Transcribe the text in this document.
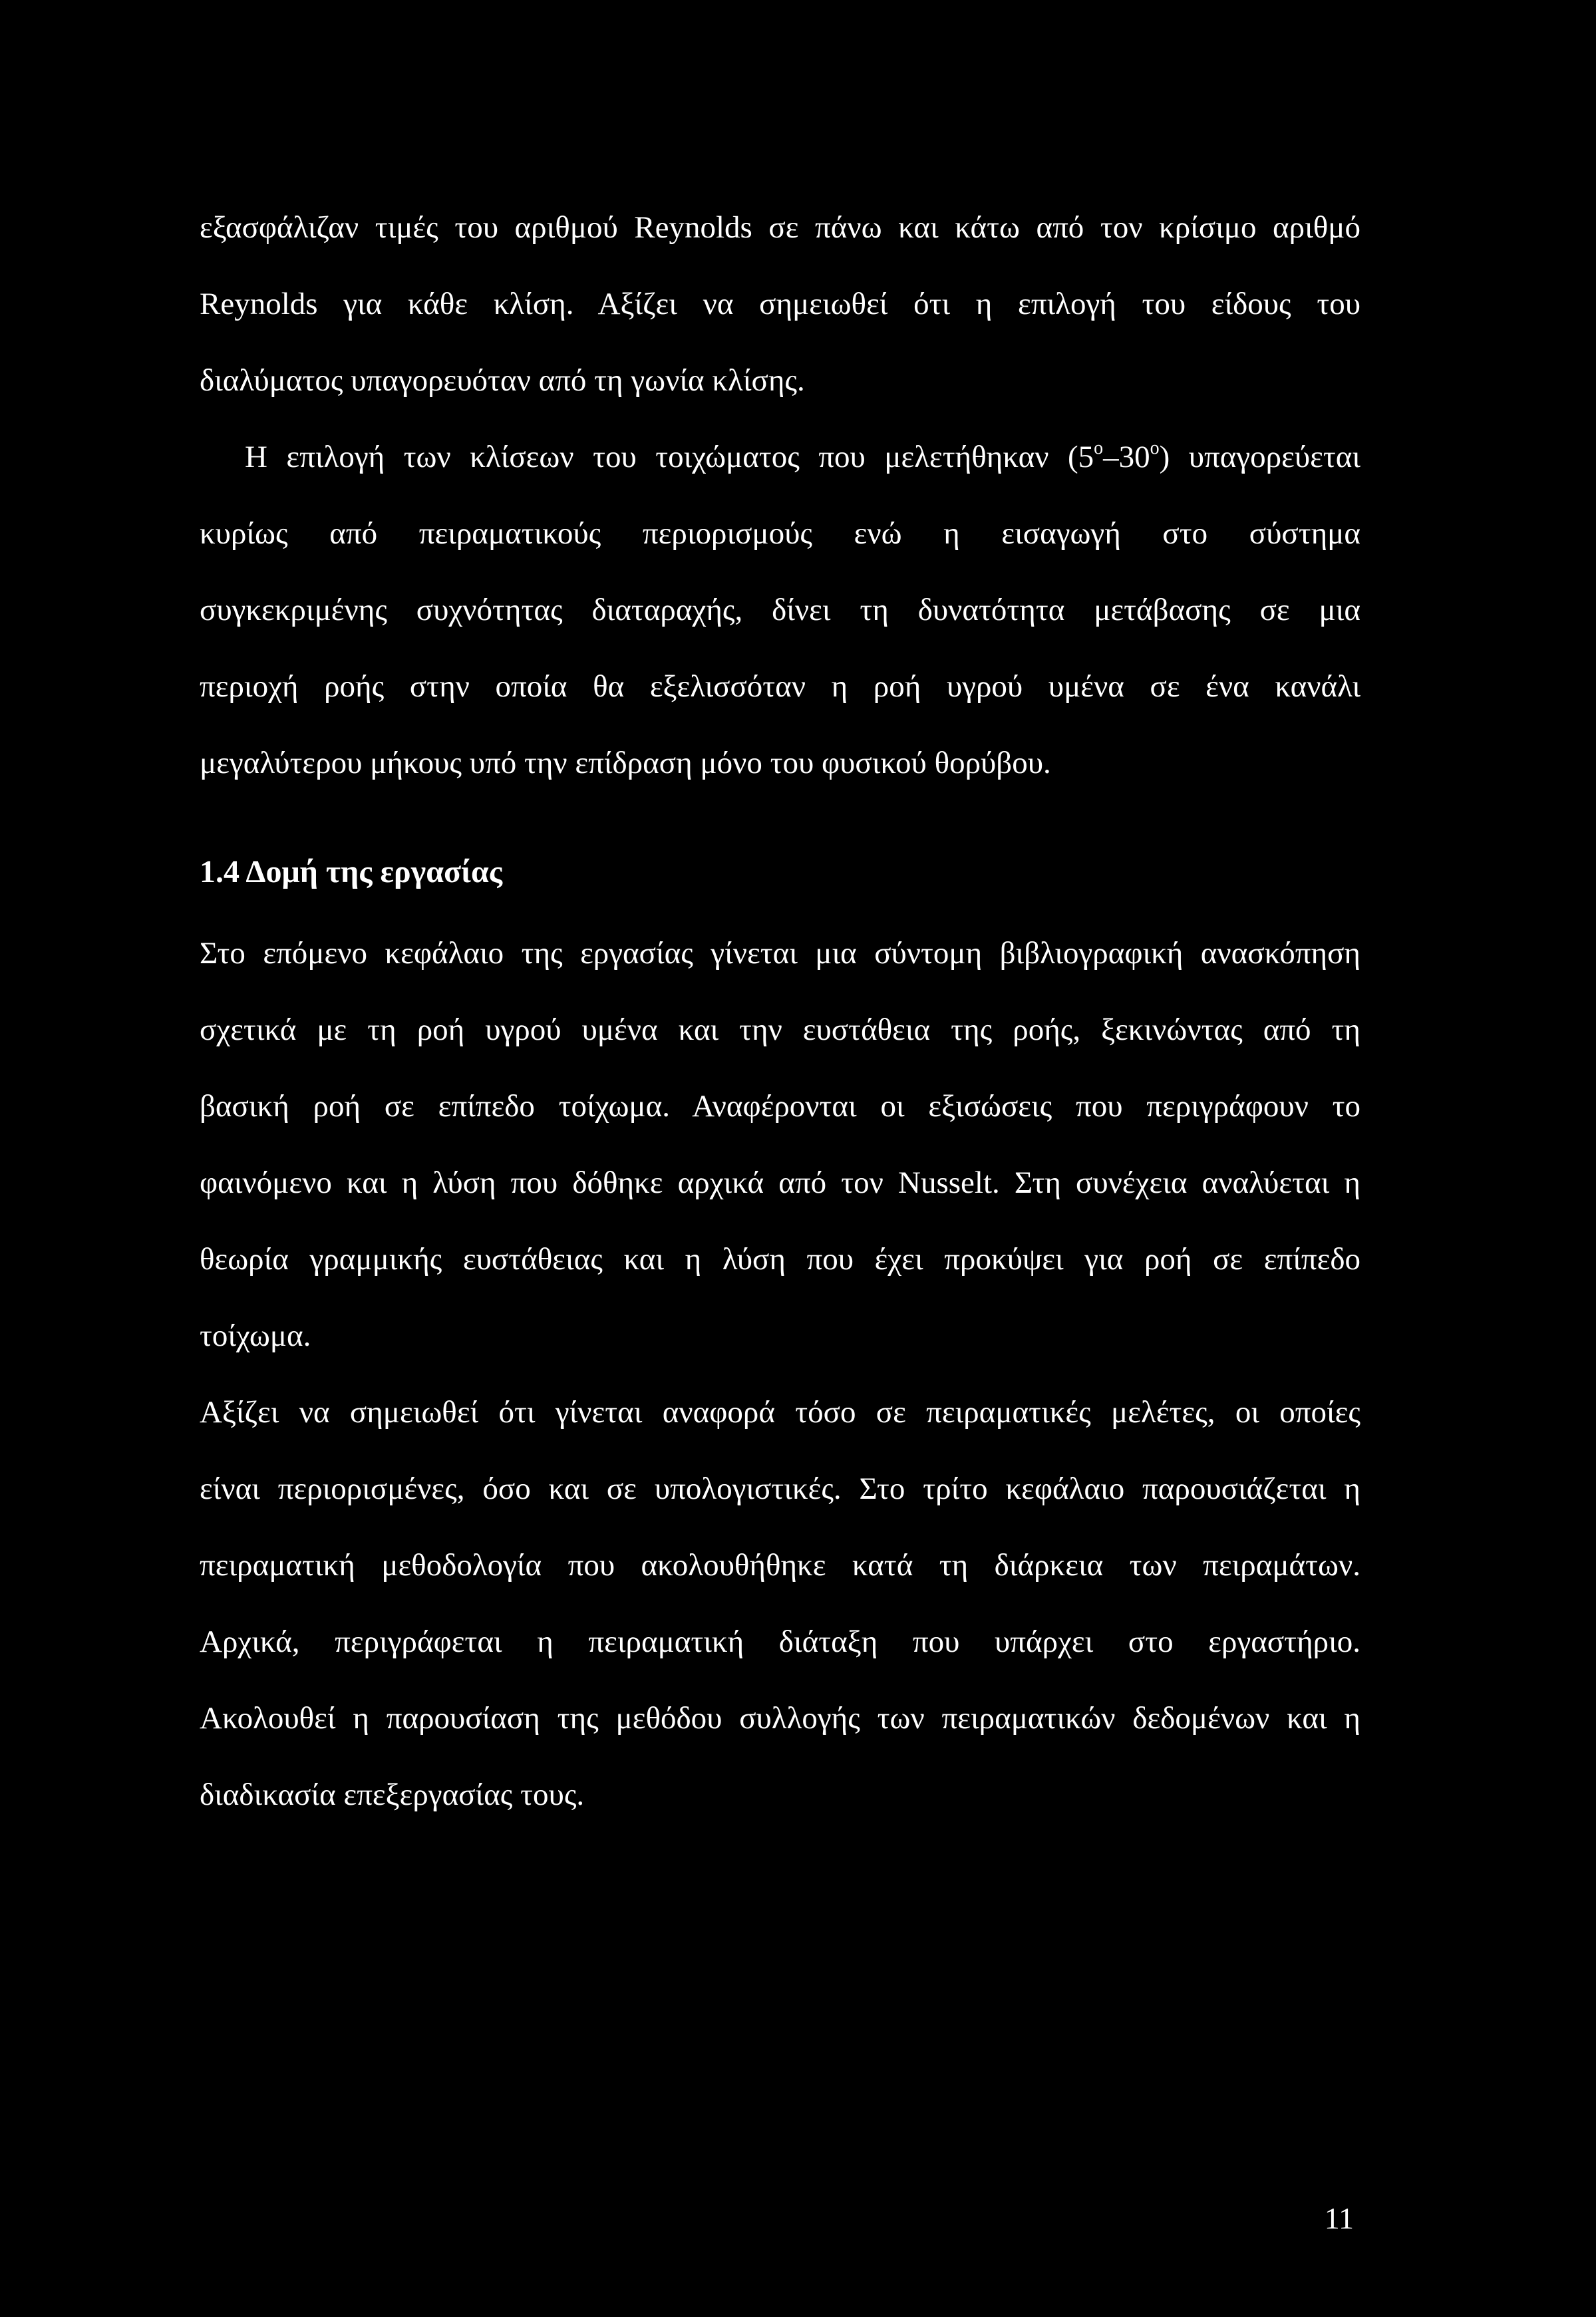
εξασφάλιζαν τιμές του αριθμού Reynolds σε πάνω και κάτω από τον κρίσιμο αριθμό
Reynolds για κάθε κλίση. Αξίζει να σημειωθεί ότι η επιλογή του είδους του
διαλύματος υπαγορευόταν από τη γωνία κλίσης.
Η επιλογή των κλίσεων του τοιχώματος που μελετήθηκαν $(5^o-30^o)$ υπαγορεύεται
κυρίως από πειραματικούς περιορισμούς ενώ η εισαγωγή στο σύστημα
συγκεκριμένης συχνότητας διαταραχής, δίνει τη δυνατότητα μετάβασης σε μια
περιοχή ροής στην οποία θα εξελισσόταν η ροή υγρού υμένα σε ένα κανάλι
μεγαλύτερου μήκους υπό την επίδραση μόνο του φυσικού θορύβου.
1.4 Δομή της εργασίας
Στο επόμενο κεφάλαιο της εργασίας γίνεται μια σύντομη βιβλιογραφική ανασκόπηση
σχετικά με τη ροή υγρού υμένα και την ευστάθεια της ροής, ξεκινώντας από τη
βασική ροή σε επίπεδο τοίχωμα. Αναφέρονται οι εξισώσεις που περιγράφουν το
φαινόμενο και η λύση που δόθηκε αρχικά από τον Nusselt. Στη συνέχεια αναλύεται η
θεωρία γραμμικής ευστάθειας και η λύση που έχει προκύψει για ροή σε επίπεδο
τοίχωμα.
Αξίζει να σημειωθεί ότι γίνεται αναφορά τόσο σε πειραματικές μελέτες, οι οποίες
είναι περιορισμένες, όσο και σε υπολογιστικές. Στο τρίτο κεφάλαιο παρουσιάζεται η
πειραματική μεθοδολογία που ακολουθήθηκε κατά τη διάρκεια των πειραμάτων.
Αρχικά, περιγράφεται η πειραματική διάταξη που υπάρχει στο εργαστήριο.
Ακολουθεί η παρουσίαση της μεθόδου συλλογής των πειραματικών δεδομένων και η
διαδικασία επεξεργασίας τους.
11
